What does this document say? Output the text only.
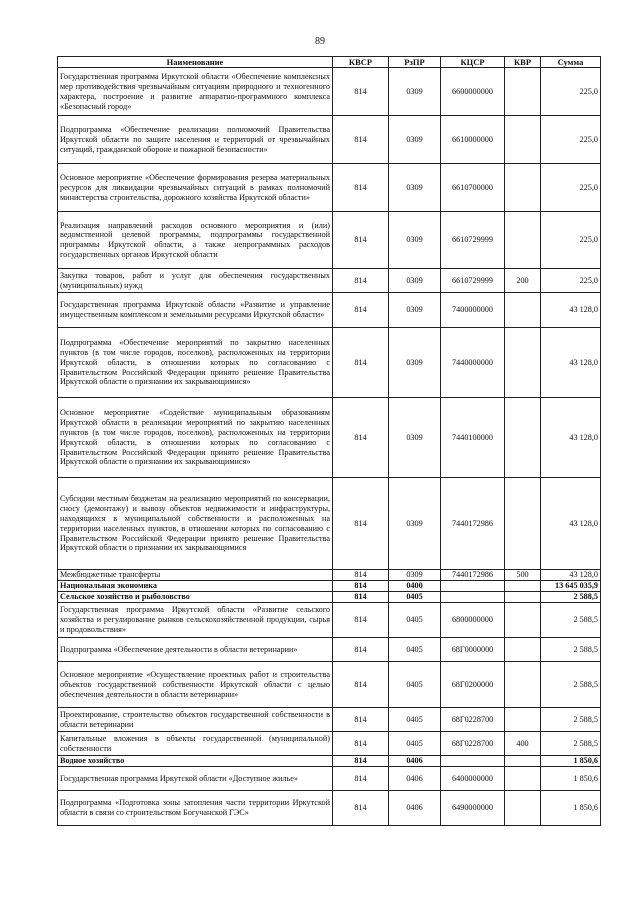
89
Наименование	КВСР	РзПР	КЦСР	КВР	Сумма
Государственная программа Иркутской области «Обеспечение комплексных мер противодействия чрезвычайным ситуациям природного и техногенного характера, построение и развитие аппаратно-программного комплекса «Безопасный город»	814	0309	6600000000		225,0
Подпрограмма «Обеспечение реализации полномочий Правительства Иркутской области по защите населения и территорий от чрезвычайных ситуаций, гражданской обороне и пожарной безопасности»	814	0309	6610000000		225,0
Основное мероприятие «Обеспечение формирования резерва материальных ресурсов для ликвидации чрезвычайных ситуаций в рамках полномочий министерства строительства, дорожного хозяйства Иркутской области»	814	0309	6610700000		225,0
Реализация направлений расходов основного мероприятия и (или) ведомственной целевой программы, подпрограммы государственной программы Иркутской области, а также непрограммных расходов государственных органов Иркутской области	814	0309	6610729999		225,0
Закупка товаров, работ и услуг для обеспечения государственных (муниципальных) нужд	814	0309	6610729999	200	225,0
Государственная программа Иркутской области «Развитие и управление имущественным комплексом и земельными ресурсами Иркутской области»	814	0309	7400000000		43 128,0
Подпрограмма «Обеспечение мероприятий по закрытию населенных пунктов (в том числе городов, поселков), расположенных на территории Иркутской области, в отношении которых по согласованию с Правительством Российской Федерации принято решение Правительства Иркутской области о признании их закрывающимися»	814	0309	7440000000		43 128,0
Основное мероприятие «Содействие муниципальным образованиям Иркутской области в реализации мероприятий по закрытию населенных пунктов (в том числе городов, поселков), расположенных на территории Иркутской области, в отношении которых по согласованию с Правительством Российской Федерации принято решение Правительства Иркутской области о признании их закрывающимися»	814	0309	7440100000		43 128,0
Субсидии местным бюджетам на реализацию мероприятий по консервации, сносу (демонтажу) и вывозу объектов недвижимости и инфраструктуры, находящихся в муниципальной собственности и расположенных на территории населенных пунктов, в отношении которых по согласованию с Правительством Российской Федерации принято решение Правительства Иркутской области о признании их закрывающимися	814	0309	7440172986		43 128,0
Межбюджетные трансферты	814	0309	7440172986	500	43 128,0
Национальная экономика	814	0400			13 645 035,9
Сельское хозяйство и рыболовство	814	0405			2 588,5
Государственная программа Иркутской области «Развитие сельского хозяйства и регулирование рынков сельскохозяйственной продукции, сырья и продовольствия»	814	0405	6800000000		2 588,5
Подпрограмма «Обеспечение деятельности в области ветеринарии»	814	0405	68Г0000000		2 588,5
Основное мероприятие «Осуществление проектных работ и строительства объектов государственной собственности Иркутской области с целью обеспечения деятельности в области ветеринарии»	814	0405	68Г0200000		2 588,5
Проектирование, строительство объектов государственной собственности в области ветеринарии	814	0405	68Г0228700		2 588,5
Капитальные вложения в объекты государственной (муниципальной) собственности	814	0405	68Г0228700	400	2 588,5
Водное хозяйство	814	0406			1 850,6
Государственная программа Иркутской области «Доступное жилье»	814	0406	6400000000		1 850,6
Подпрограмма «Подготовка зоны затопления части территории Иркутской области в связи со строительством Богучанской ГЭС»	814	0406	6490000000		1 850,6
